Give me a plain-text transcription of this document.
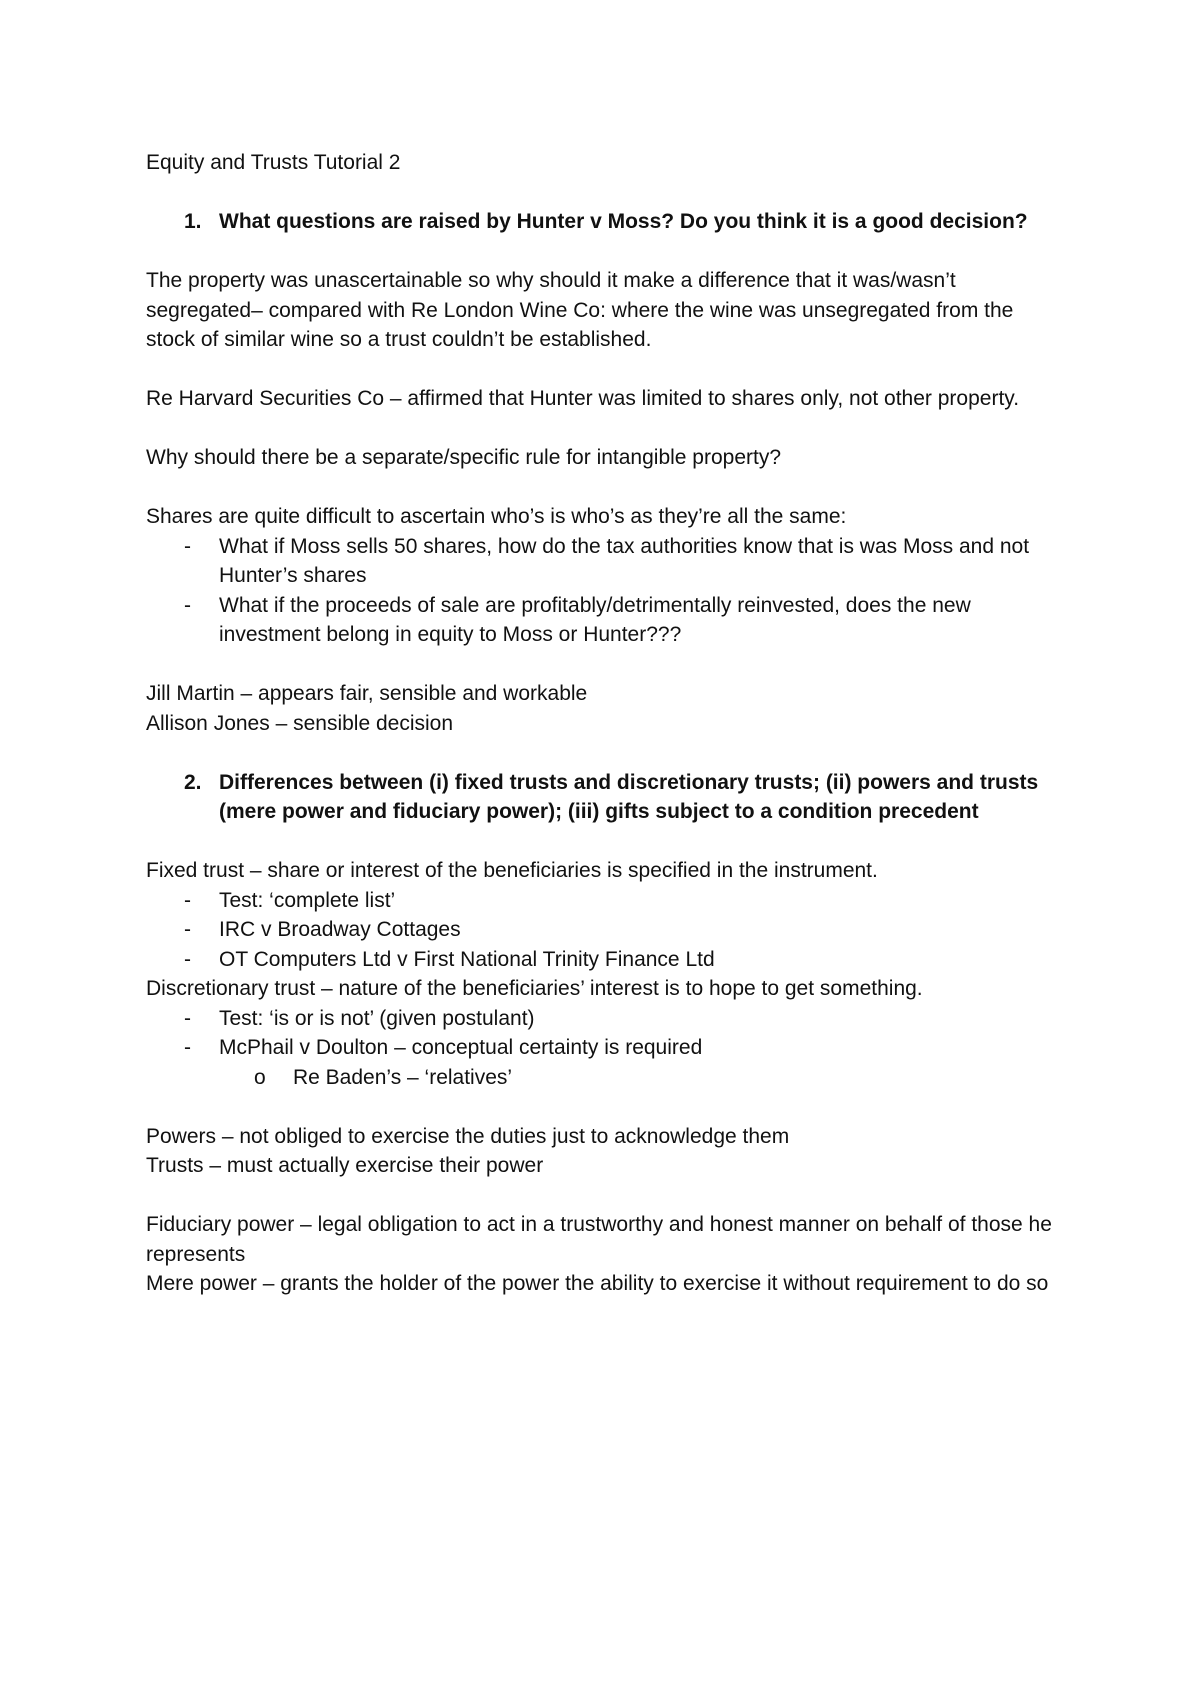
Equity and Trusts Tutorial 2

1. What questions are raised by Hunter v Moss? Do you think it is a good decision?

The property was unascertainable so why should it make a difference that it was/wasn’t segregated– compared with Re London Wine Co: where the wine was unsegregated from the stock of similar wine so a trust couldn’t be established.

Re Harvard Securities Co – affirmed that Hunter was limited to shares only, not other property.

Why should there be a separate/specific rule for intangible property?

Shares are quite difficult to ascertain who’s is who’s as they’re all the same:

-	What if Moss sells 50 shares, how do the tax authorities know that is was Moss and not Hunter’s shares
-	What if the proceeds of sale are profitably/detrimentally reinvested, does the new investment belong in equity to Moss or Hunter???

Jill Martin – appears fair, sensible and workable

Allison Jones – sensible decision

2. Differences between (i) fixed trusts and discretionary trusts; (ii) powers and trusts (mere power and fiduciary power); (iii) gifts subject to a condition precedent

Fixed trust – share or interest of the beneficiaries is specified in the instrument.

-	Test: ‘complete list’
-	IRC v Broadway Cottages
-	OT Computers Ltd v First National Trinity Finance Ltd

Discretionary trust – nature of the beneficiaries’ interest is to hope to get something.

-	Test: ‘is or is not’ (given postulant)
-	McPhail v Doulton – conceptual certainty is required
o	Re Baden’s – ‘relatives’

Powers – not obliged to exercise the duties just to acknowledge them

Trusts – must actually exercise their power

Fiduciary power – legal obligation to act in a trustworthy and honest manner on behalf of those he represents

Mere power – grants the holder of the power the ability to exercise it without requirement to do so
